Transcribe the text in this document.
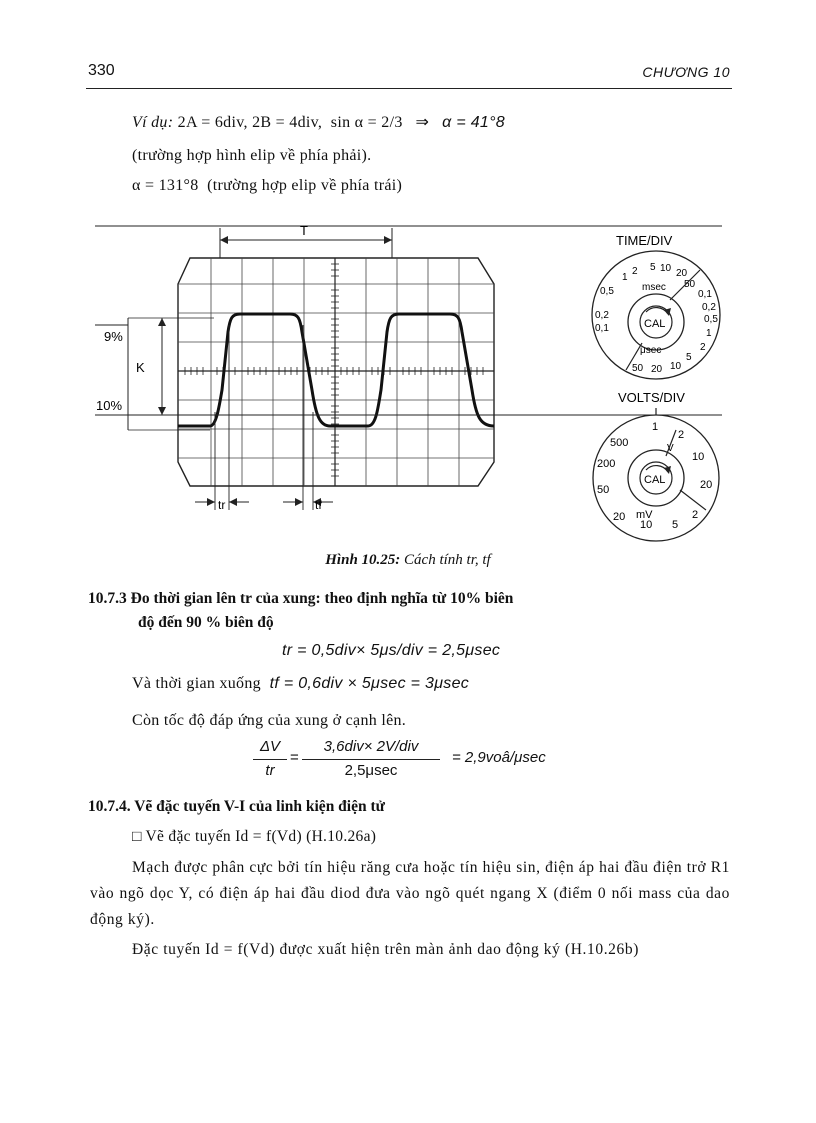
330	CHƯƠNG 10
Ví dụ: 2A = 6div, 2B = 4div, sin α = 2/3 ⇒ α = 41°8
(trường hợp hình elip về phía phải).
α = 131°8 (trường hợp elip về phía trái)
9%
K
10%
T
tr	tf
TIME/DIV
CAL
msec
μsec
1
2 5 10 20
50
0,1
0,2
0,5
1
2
5
10
20
50
0,1
0,2
0,5
VOLTS/DIV
CAL
V
mV
1
2
10
20
2
5
10
20
50
200
500
Hình 10.25: Cách tính tr, tf
10.7.3 Đo thời gian lên tr của xung: theo định nghĩa từ 10% biên
độ đến 90 % biên độ
tr = 0,5div× 5μs/div = 2,5μsec
Và thời gian xuống tf = 0,6div × 5μsec = 3μsec
Còn tốc độ đáp ứng của xung ở cạnh lên.
ΔV
tr
=
3,6div× 2V/div
2,5μsec
= 2,9voâ/μsec
10.7.4. Vẽ đặc tuyến V-I của linh kiện điện tử
□ Vẽ đặc tuyến Id = f(Vd) (H.10.26a)
Mạch được phân cực bởi tín hiệu răng cưa hoặc tín hiệu sin, điện áp hai đầu điện trở R1 vào ngõ dọc Y, có điện áp hai đầu diod đưa vào ngõ quét ngang X (điểm 0 nối mass của dao động ký).
Đặc tuyến Id = f(Vd) được xuất hiện trên màn ảnh dao động ký (H.10.26b)
